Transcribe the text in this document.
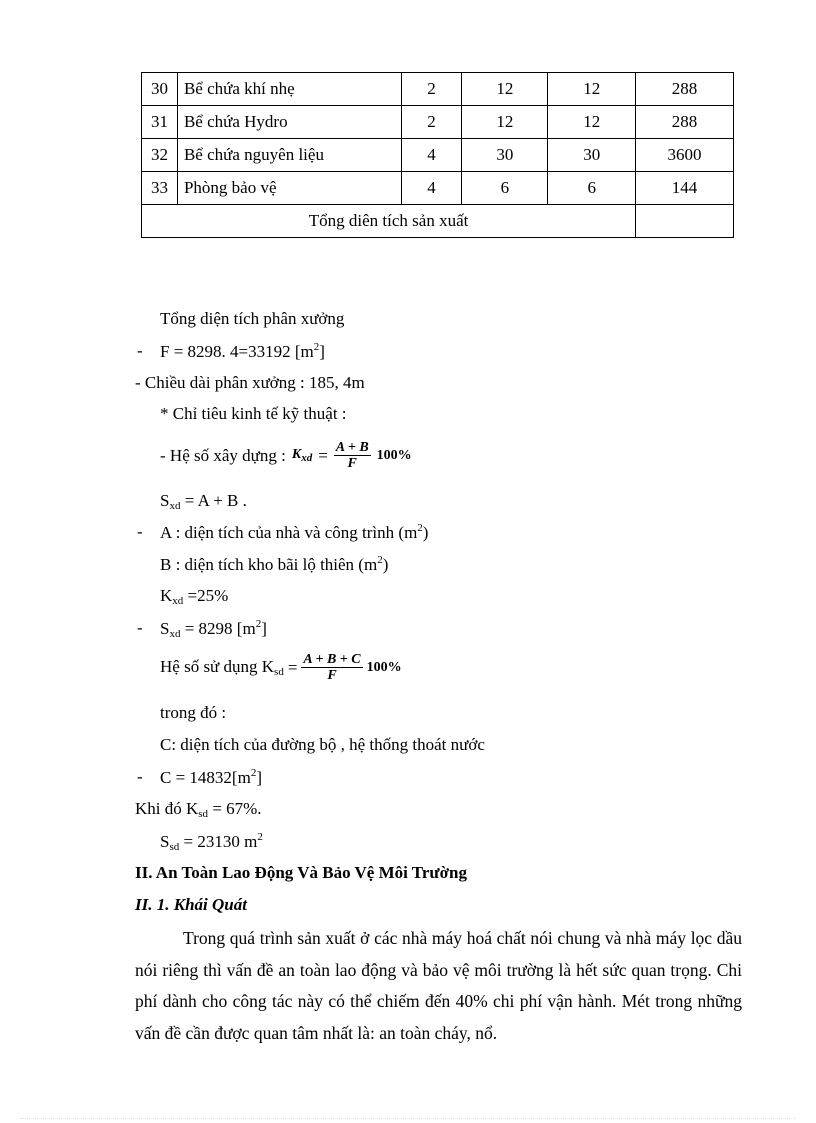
30	Bể chứa khí nhẹ	2	12	12	288
31	Bể chứa Hydro	2	12	12	288
32	Bể chứa nguyên liệu	4	30	30	3600
33	Phòng bảo vệ	4	6	6	144
Tổng diên tích sản xuất					
Tổng diện tích phân xưởng
- F = 8298. 4=33192 $[m^2]$
- Chiều dài phân xưởng : 185, 4m
* Chỉ tiêu kinh tế kỹ thuật :
- Hệ số xây dựng : $K_{xd} = \frac{A + B}{F} 100\%$
$S_{xd} = A + B$ .
- A : diện tích của nhà và công trình $(m^2)$
B : diện tích kho bãi lộ thiên $(m^2)$
$K_{xd} =25\%$
- $S_{xd} = 8298$ $[m^2]$
Hệ số sử dụng $K_{sd} = \frac{A + B + C}{F} 100\%$
trong đó :
C: diện tích của đường bộ , hệ thống thoát nước
- $C = 14832[m^2]$
Khi đó $K_{sd} = 67\%$.
$S_{sd} = 23130$ $m^2$
II. An Toàn Lao Động Và Bảo Vệ Môi Trường
II. 1. Khái Quát
Trong quá trình sản xuất ở các nhà máy hoá chất nói chung và nhà máy lọc dầu nói riêng thì vấn đề an toàn lao động và bảo vệ môi trường là hết sức quan trọng. Chi phí dành cho công tác này có thể chiếm đến 40% chi phí vận hành. Mét trong những vấn đề cần được quan tâm nhất là: an toàn cháy, nổ.
